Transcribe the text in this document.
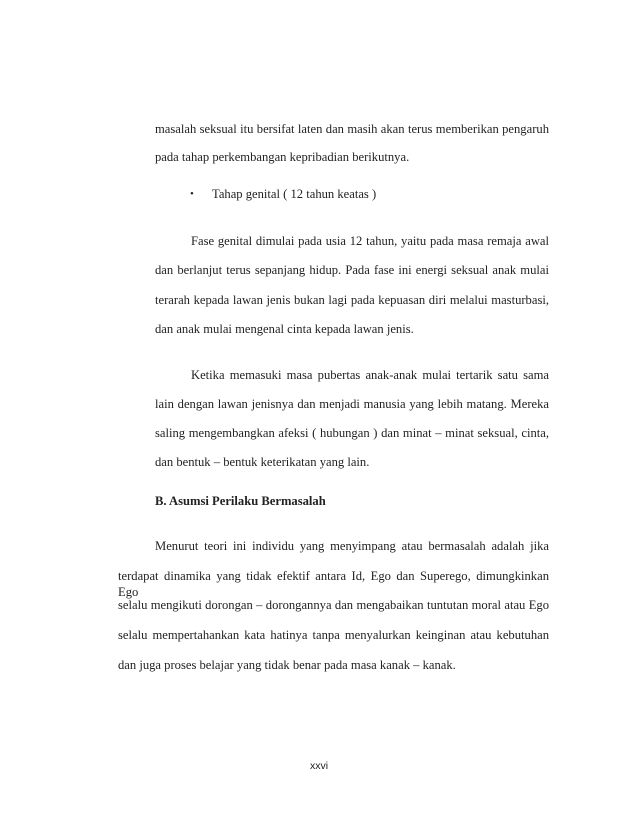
masalah seksual itu bersifat laten dan masih akan terus memberikan pengaruh
pada tahap perkembangan kepribadian berikutnya.
• Tahap genital ( 12 tahun keatas )
Fase genital dimulai pada usia 12 tahun, yaitu pada masa remaja awal
dan berlanjut terus sepanjang hidup. Pada fase ini energi seksual anak mulai
terarah kepada lawan jenis bukan lagi pada kepuasan diri melalui masturbasi,
dan anak mulai mengenal cinta kepada lawan jenis.
Ketika memasuki masa pubertas anak-anak mulai tertarik satu sama
lain dengan lawan jenisnya dan menjadi manusia yang lebih matang. Mereka
saling mengembangkan afeksi ( hubungan ) dan minat – minat seksual, cinta,
dan bentuk – bentuk keterikatan yang lain.
B. Asumsi Perilaku Bermasalah
Menurut teori ini individu yang menyimpang atau bermasalah adalah jika
terdapat dinamika yang tidak efektif antara Id, Ego dan Superego, dimungkinkan Ego
selalu mengikuti dorongan – dorongannya dan mengabaikan tuntutan moral atau Ego
selalu mempertahankan kata hatinya tanpa menyalurkan keinginan atau kebutuhan
dan juga proses belajar yang tidak benar pada masa kanak – kanak.
xxvi
